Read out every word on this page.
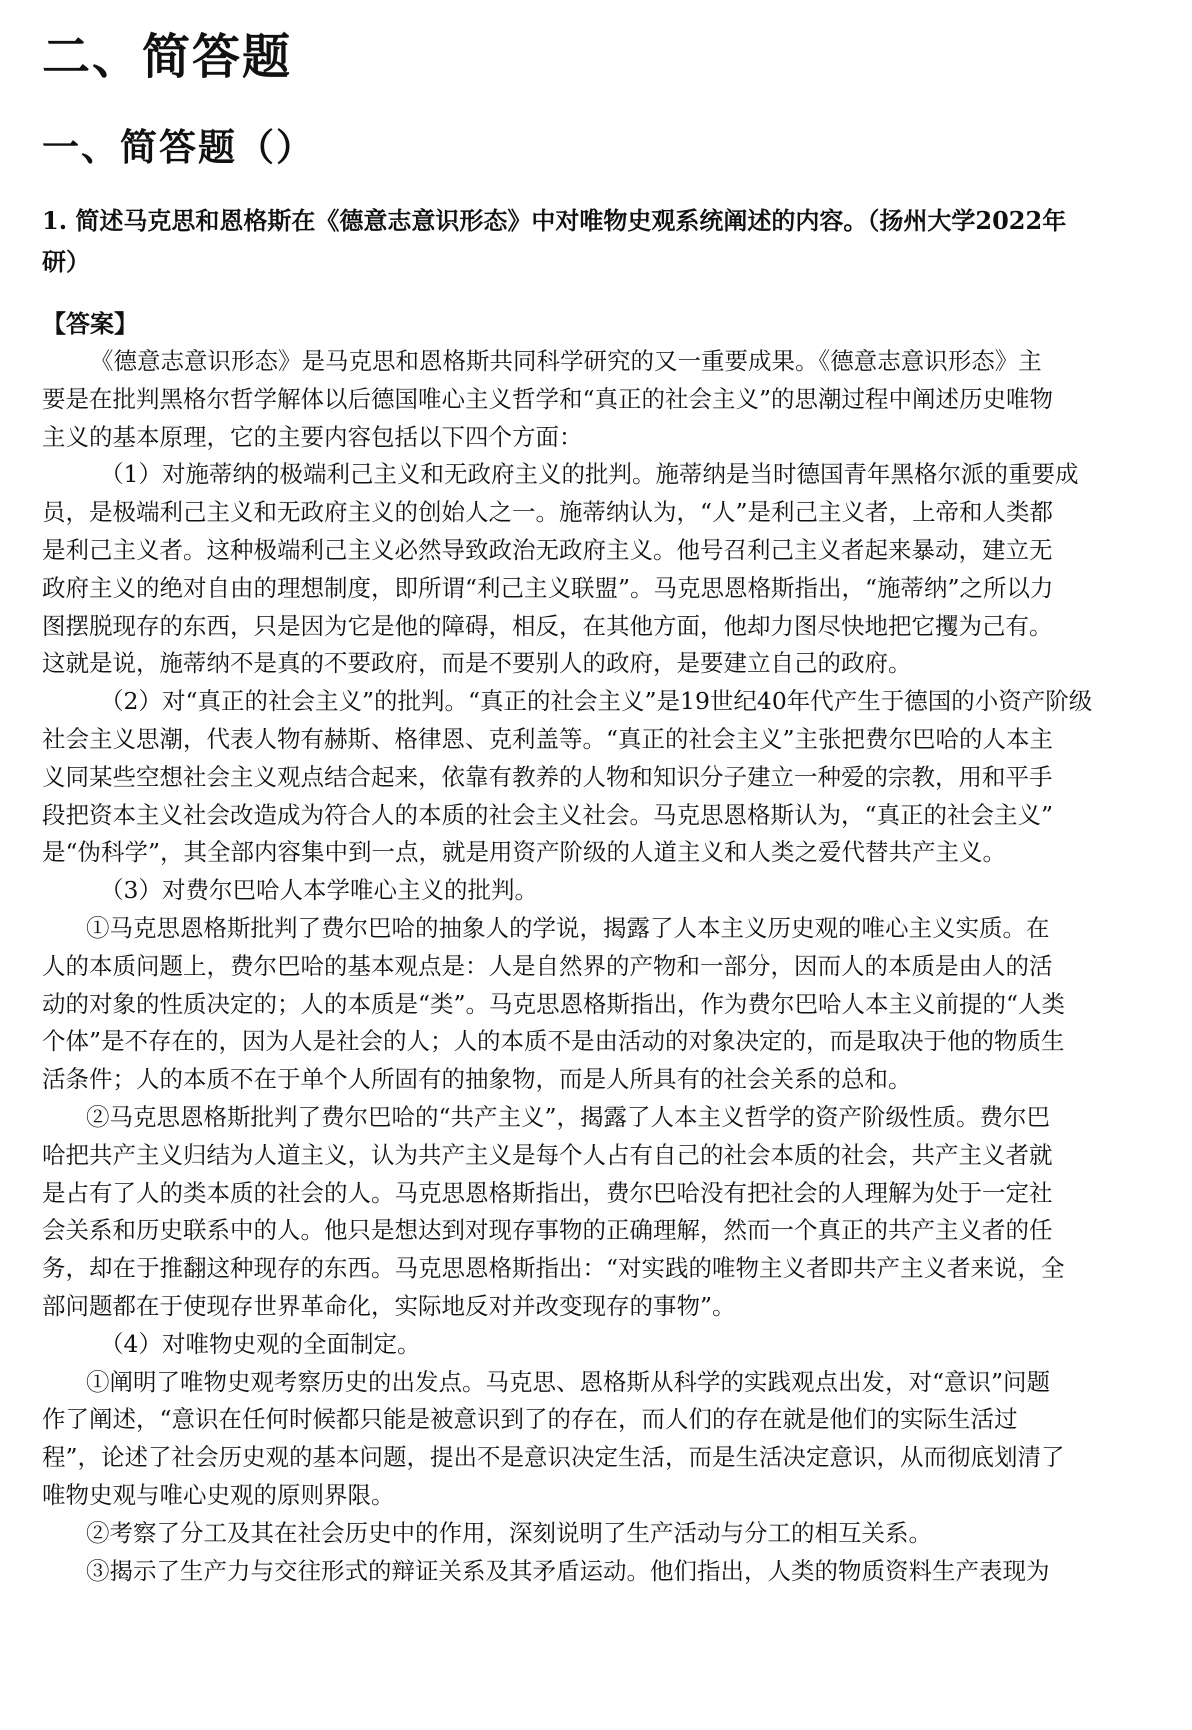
二、简答题
一、简答题（）
1. 简述马克思和恩格斯在《德意志意识形态》中对唯物史观系统阐述的内容。（扬州大学2022年
研）
【答案】
《德意志意识形态》是马克思和恩格斯共同科学研究的又一重要成果。《德意志意识形态》主
要是在批判黑格尔哲学解体以后德国唯心主义哲学和“真正的社会主义”的思潮过程中阐述历史唯物
主义的基本原理，它的主要内容包括以下四个方面：
（1）对施蒂纳的极端利己主义和无政府主义的批判。施蒂纳是当时德国青年黑格尔派的重要成
员，是极端利己主义和无政府主义的创始人之一。施蒂纳认为，“人”是利己主义者，上帝和人类都
是利己主义者。这种极端利己主义必然导致政治无政府主义。他号召利己主义者起来暴动，建立无
政府主义的绝对自由的理想制度，即所谓“利己主义联盟”。马克思恩格斯指出，“施蒂纳”之所以力
图摆脱现存的东西，只是因为它是他的障碍，相反，在其他方面，他却力图尽快地把它攫为己有。
这就是说，施蒂纳不是真的不要政府，而是不要别人的政府，是要建立自己的政府。
（2）对“真正的社会主义”的批判。“真正的社会主义”是19世纪40年代产生于德国的小资产阶级
社会主义思潮，代表人物有赫斯、格律恩、克利盖等。“真正的社会主义”主张把费尔巴哈的人本主
义同某些空想社会主义观点结合起来，依靠有教养的人物和知识分子建立一种爱的宗教，用和平手
段把资本主义社会改造成为符合人的本质的社会主义社会。马克思恩格斯认为，“真正的社会主义”
是“伪科学”，其全部内容集中到一点，就是用资产阶级的人道主义和人类之爱代替共产主义。
（3）对费尔巴哈人本学唯心主义的批判。
①马克思恩格斯批判了费尔巴哈的抽象人的学说，揭露了人本主义历史观的唯心主义实质。在
人的本质问题上，费尔巴哈的基本观点是：人是自然界的产物和一部分，因而人的本质是由人的活
动的对象的性质决定的；人的本质是“类”。马克思恩格斯指出，作为费尔巴哈人本主义前提的“人类
个体”是不存在的，因为人是社会的人；人的本质不是由活动的对象决定的，而是取决于他的物质生
活条件；人的本质不在于单个人所固有的抽象物，而是人所具有的社会关系的总和。
②马克思恩格斯批判了费尔巴哈的“共产主义”，揭露了人本主义哲学的资产阶级性质。费尔巴
哈把共产主义归结为人道主义，认为共产主义是每个人占有自己的社会本质的社会，共产主义者就
是占有了人的类本质的社会的人。马克思恩格斯指出，费尔巴哈没有把社会的人理解为处于一定社
会关系和历史联系中的人。他只是想达到对现存事物的正确理解，然而一个真正的共产主义者的任
务，却在于推翻这种现存的东西。马克思恩格斯指出：“对实践的唯物主义者即共产主义者来说，全
部问题都在于使现存世界革命化，实际地反对并改变现存的事物”。
（4）对唯物史观的全面制定。
①阐明了唯物史观考察历史的出发点。马克思、恩格斯从科学的实践观点出发，对“意识”问题
作了阐述，“意识在任何时候都只能是被意识到了的存在，而人们的存在就是他们的实际生活过
程”，论述了社会历史观的基本问题，提出不是意识决定生活，而是生活决定意识，从而彻底划清了
唯物史观与唯心史观的原则界限。
②考察了分工及其在社会历史中的作用，深刻说明了生产活动与分工的相互关系。
③揭示了生产力与交往形式的辩证关系及其矛盾运动。他们指出，人类的物质资料生产表现为
